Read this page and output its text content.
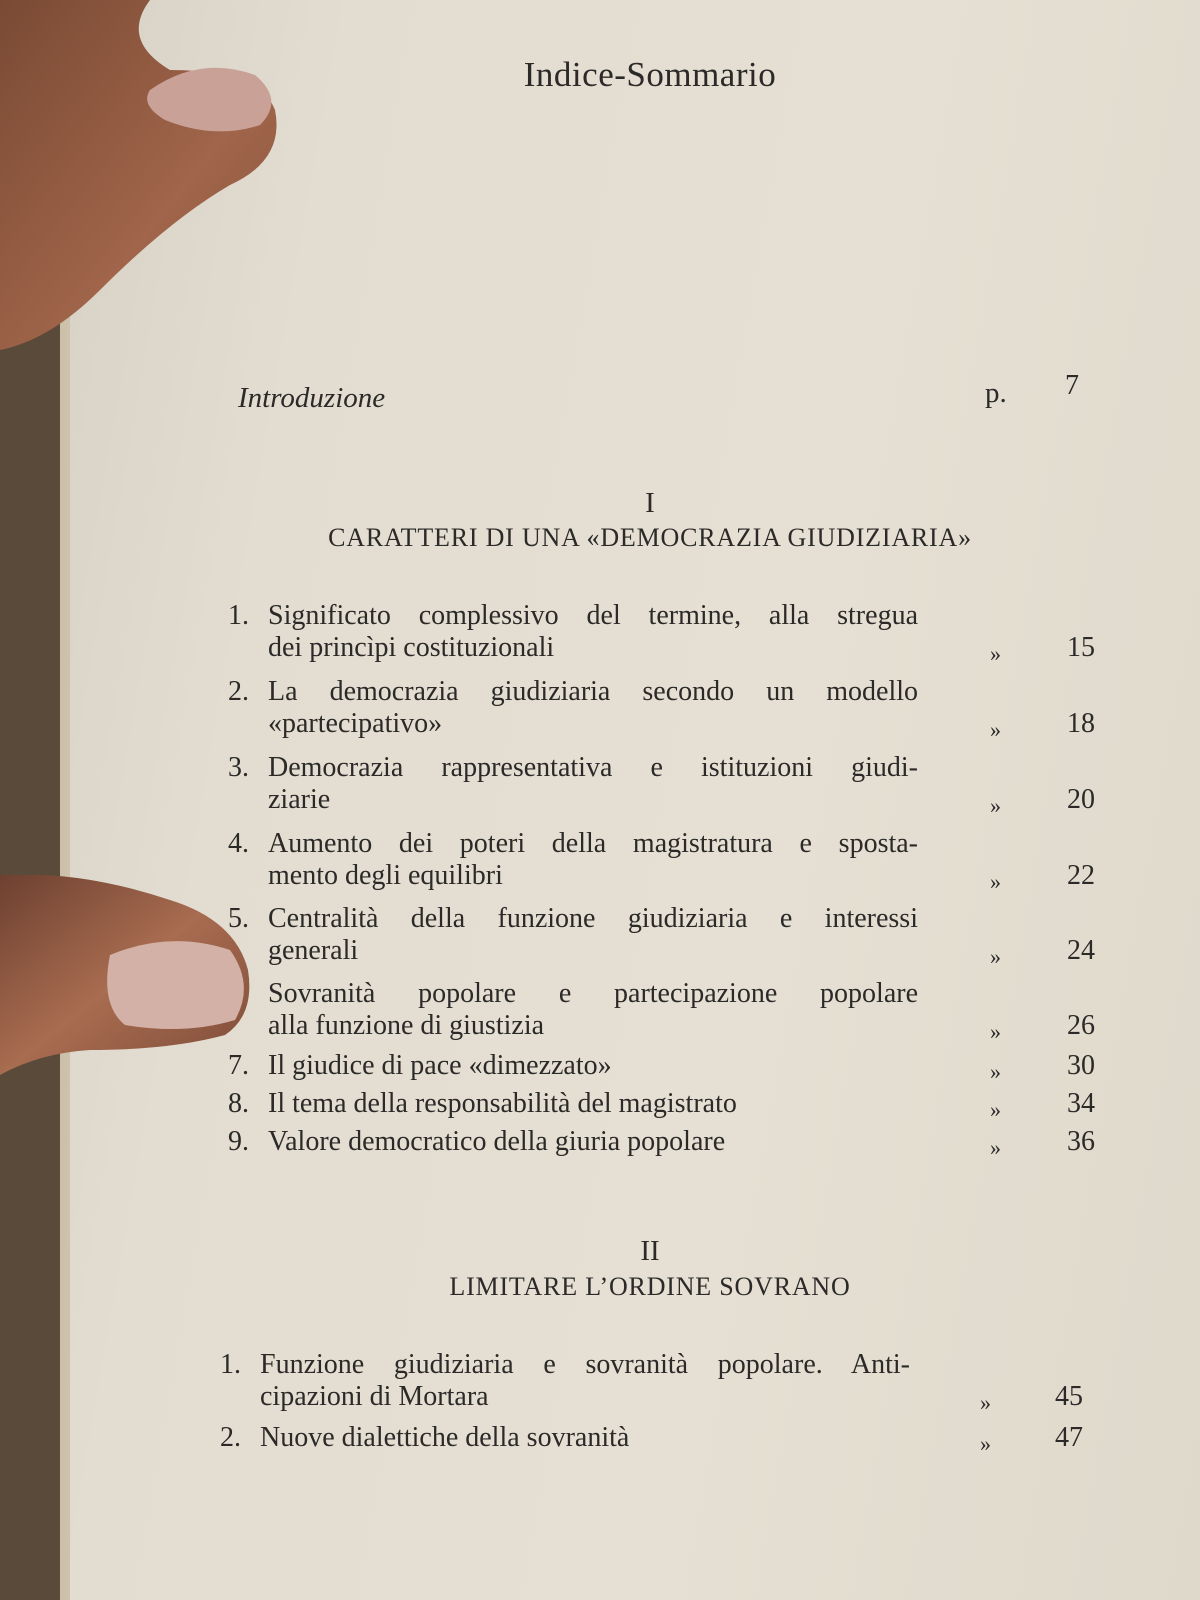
Indice-Sommario
Introduzione	p. 7
I
CARATTERI DI UNA «DEMOCRAZIA GIUDIZIARIA»
1. Significato complessivo del termine, alla stregua
dei princìpi costituzionali	»	15
2. La democrazia giudiziaria secondo un modello
«partecipativo»	»	18
3. Democrazia rappresentativa e istituzioni giudi-
ziarie	»	20
4. Aumento dei poteri della magistratura e sposta-
mento degli equilibri	»	22
5. Centralità della funzione giudiziaria e interessi
generali	»	24
Sovranità popolare e partecipazione popolare
alla funzione di giustizia	»	26
7. Il giudice di pace «dimezzato»	»	30
8. Il tema della responsabilità del magistrato	»	34
9. Valore democratico della giuria popolare	»	36
II
LIMITARE L’ORDINE SOVRANO
1. Funzione giudiziaria e sovranità popolare. Anti-
cipazioni di Mortara	»	45
2. Nuove dialettiche della sovranità	»	47
